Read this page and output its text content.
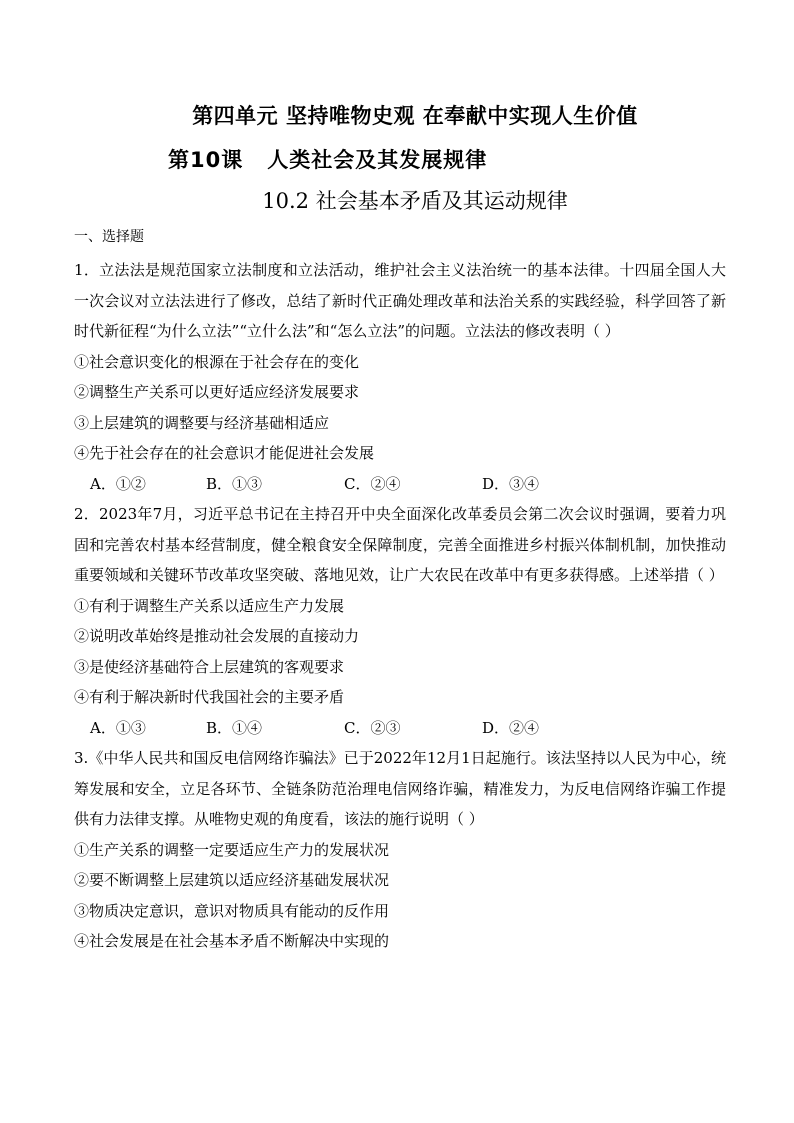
第四单元 坚持唯物史观 在奉献中实现人生价值
第10课 人类社会及其发展规律
10.2 社会基本矛盾及其运动规律
一、选择题
1．立法法是规范国家立法制度和立法活动，维护社会主义法治统一的基本法律。十四届全国人大一次会议对立法法进行了修改，总结了新时代正确处理改革和法治关系的实践经验，科学回答了新时代新征程“为什么立法”“立什么法”和“怎么立法”的问题。立法法的修改表明（ ）
①社会意识变化的根源在于社会存在的变化
②调整生产关系可以更好适应经济发展要求
③上层建筑的调整要与经济基础相适应
④先于社会存在的社会意识才能促进社会发展
A．①②	B．①③	C．②④	D．③④
2．2023年7月，习近平总书记在主持召开中央全面深化改革委员会第二次会议时强调，要着力巩固和完善农村基本经营制度，健全粮食安全保障制度，完善全面推进乡村振兴体制机制，加快推动重要领域和关键环节改革攻坚突破、落地见效，让广大农民在改革中有更多获得感。上述举措（ ）
①有利于调整生产关系以适应生产力发展
②说明改革始终是推动社会发展的直接动力
③是使经济基础符合上层建筑的客观要求
④有利于解决新时代我国社会的主要矛盾
A．①③	B．①④	C．②③	D．②④
3.《中华人民共和国反电信网络诈骗法》已于2022年12月1日起施行。该法坚持以人民为中心，统筹发展和安全，立足各环节、全链条防范治理电信网络诈骗，精准发力，为反电信网络诈骗工作提供有力法律支撑。从唯物史观的角度看，该法的施行说明（ ）
①生产关系的调整一定要适应生产力的发展状况
②要不断调整上层建筑以适应经济基础发展状况
③物质决定意识，意识对物质具有能动的反作用
④社会发展是在社会基本矛盾不断解决中实现的
